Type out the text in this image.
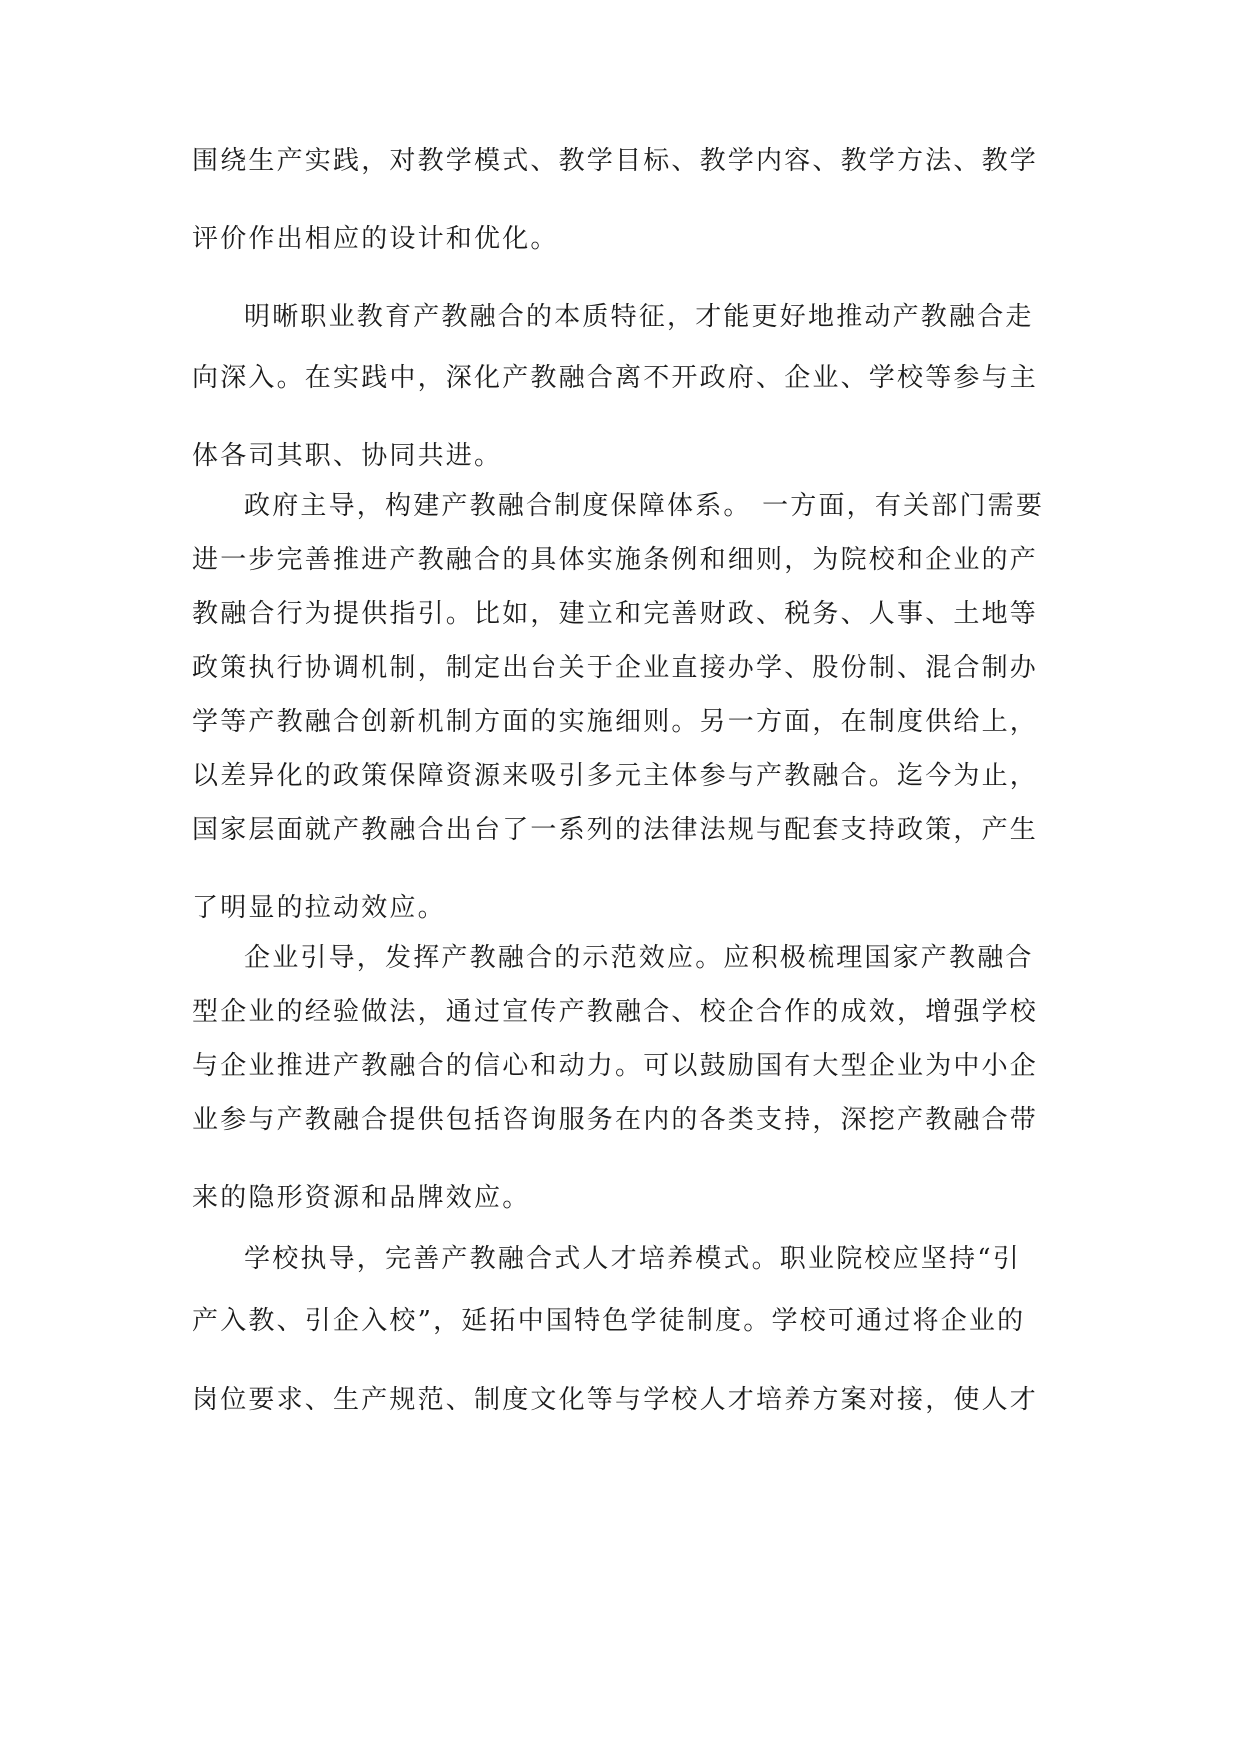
围绕生产实践，对教学模式、教学目标、教学内容、教学方法、教学
评价作出相应的设计和优化。
明晰职业教育产教融合的本质特征，才能更好地推动产教融合走
向深入。在实践中，深化产教融合离不开政府、企业、学校等参与主
体各司其职、协同共进。
政府主导，构建产教融合制度保障体系。 一方面，有关部门需要
进一步完善推进产教融合的具体实施条例和细则，为院校和企业的产
教融合行为提供指引。比如，建立和完善财政、税务、人事、土地等
政策执行协调机制，制定出台关于企业直接办学、股份制、混合制办
学等产教融合创新机制方面的实施细则。另一方面，在制度供给上，
以差异化的政策保障资源来吸引多元主体参与产教融合。迄今为止，
国家层面就产教融合出台了一系列的法律法规与配套支持政策，产生
了明显的拉动效应。
企业引导，发挥产教融合的示范效应。应积极梳理国家产教融合
型企业的经验做法，通过宣传产教融合、校企合作的成效，增强学校
与企业推进产教融合的信心和动力。可以鼓励国有大型企业为中小企
业参与产教融合提供包括咨询服务在内的各类支持，深挖产教融合带
来的隐形资源和品牌效应。
学校执导，完善产教融合式人才培养模式。职业院校应坚持“引
产入教、引企入校”，延拓中国特色学徒制度。学校可通过将企业的
岗位要求、生产规范、制度文化等与学校人才培养方案对接，使人才
